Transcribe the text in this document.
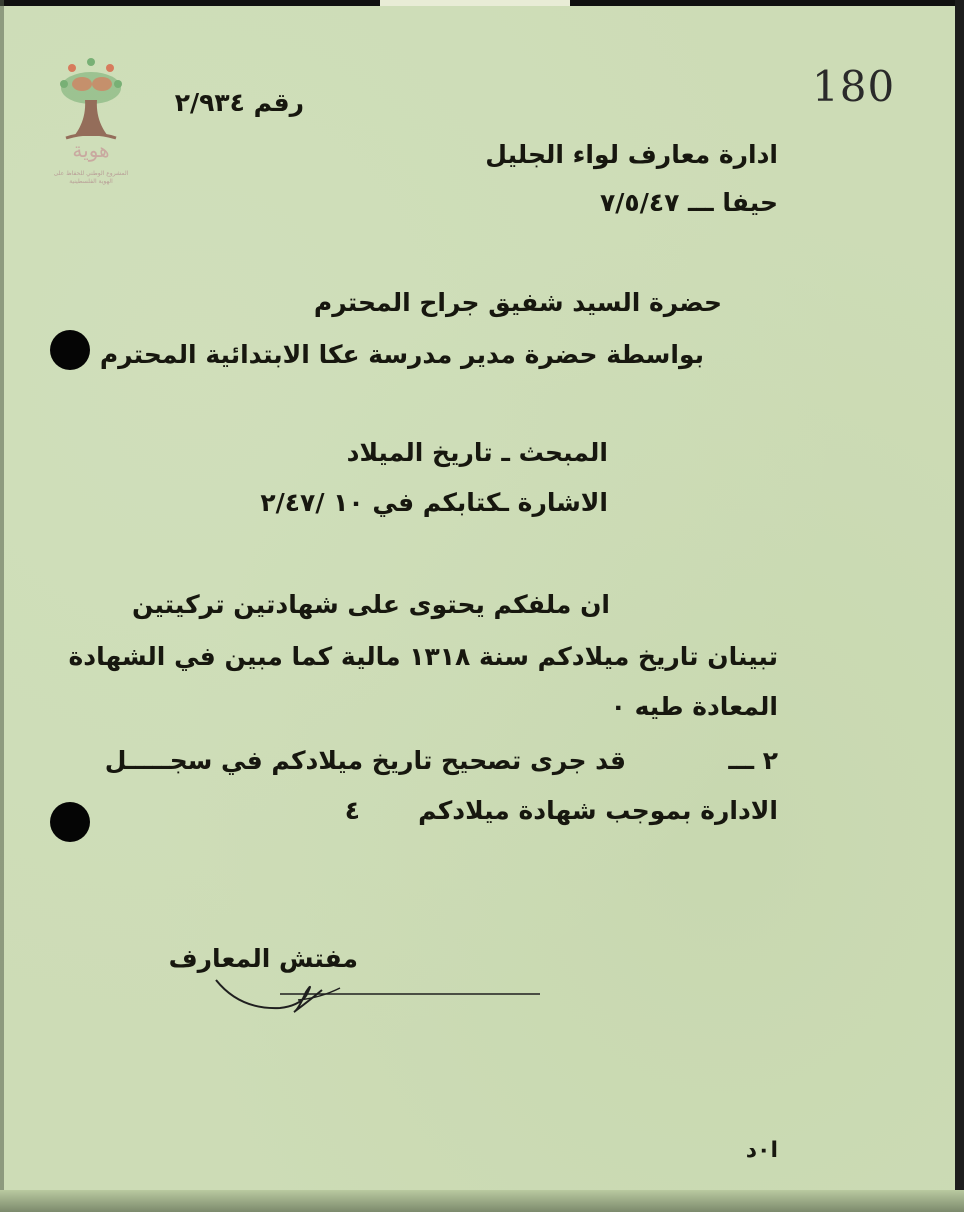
هوية
المشروع الوطني للحفاظ على الهوية الفلسطينية
180
رقم ٢/٩٣٤
ادارة معارف لواء الجليل
حيفا ـــ ٧/٥/٤٧
حضرة السيد شفيق جراح المحترم
بواسطة حضرة مدير مدرسة عكا الابتدائية المحترم
المبحث ـ تاريخ الميلاد
الاشارة ـكتابكم في ١٠ /٢/٤٧
ان ملفكم يحتوى على شهادتين تركيتين
تبينان تاريخ ميلادكم سنة ١٣١٨ مالية كما مبين في الشهادة
المعادة طيه ٠
٢ ـــ
قد جرى تصحيح تاريخ ميلادكم في سجـــــل
الادارة بموجب شهادة ميلادكم
٤
مفتش المعارف
ا٠د
